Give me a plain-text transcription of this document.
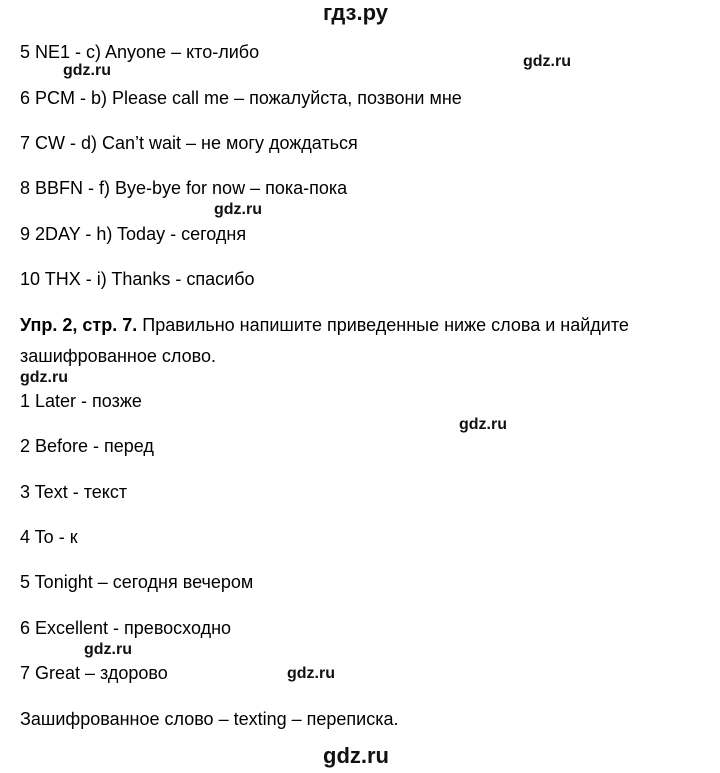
гдз.ру
5 NE1 - c) Anyone – кто-либо
gdz.ru
gdz.ru
6 PCM - b) Please call me – пожалуйста, позвони мне
7 CW - d) Can’t wait – не могу дождаться
8 BBFN - f) Bye-bye for now – пока-пока
gdz.ru
9 2DAY - h) Today - сегодня
10 THX - i) Thanks - спасибо
Упр. 2, стр. 7. Правильно напишите приведенные ниже слова и найдите
зашифрованное слово.
gdz.ru
1 Later - позже
gdz.ru
2 Before - перед
3 Text - текст
4 To - к
5 Tonight – сегодня вечером
6 Excellent - превосходно
gdz.ru
7 Great – здорово	gdz.ru
Зашифрованное слово – texting – переписка.
gdz.ru
